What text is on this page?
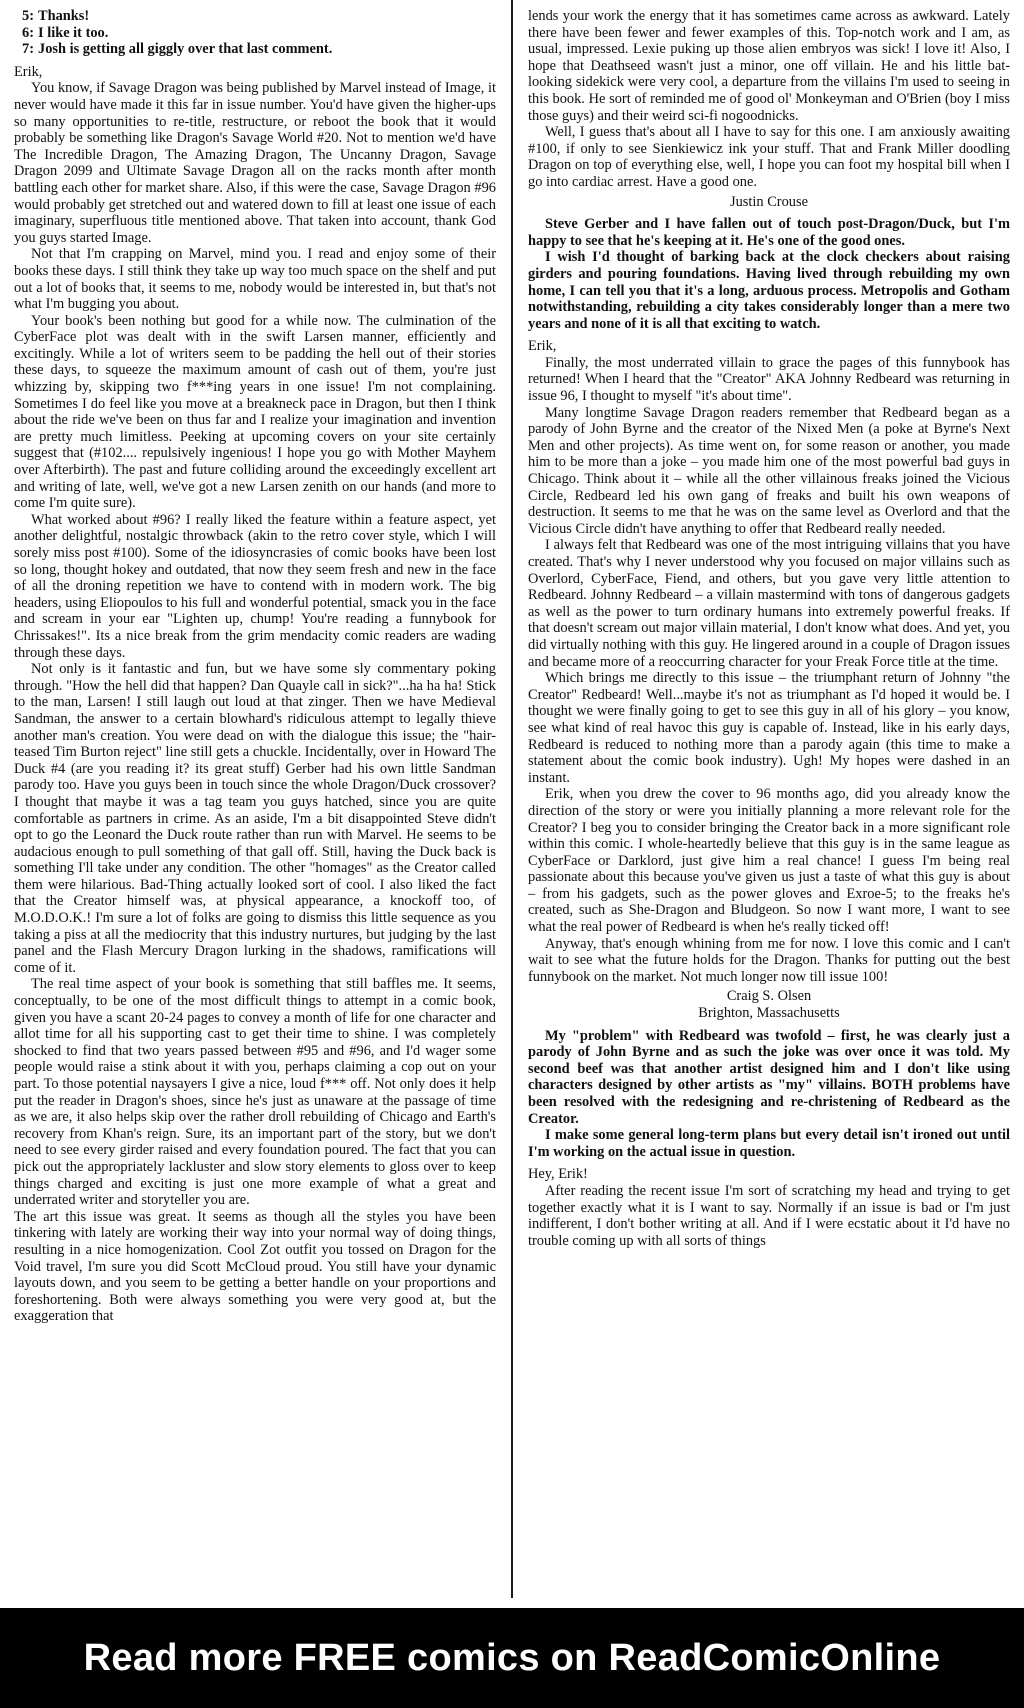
5: Thanks!

6: I like it too.

7: Josh is getting all giggly over that last comment.

Erik,

You know, if Savage Dragon was being published by Marvel instead of Image, it never would have made it this far in issue number. You'd have given the higher-ups so many opportunities to re-title, restructure, or reboot the book that it would probably be something like Dragon's Savage World #20. Not to mention we'd have The Incredible Dragon, The Amazing Dragon, The Uncanny Dragon, Savage Dragon 2099 and Ultimate Savage Dragon all on the racks month after month battling each other for market share. Also, if this were the case, Savage Dragon #96 would probably get stretched out and watered down to fill at least one issue of each imaginary, superfluous title mentioned above. That taken into account, thank God you guys started Image.

Not that I'm crapping on Marvel, mind you. I read and enjoy some of their books these days. I still think they take up way too much space on the shelf and put out a lot of books that, it seems to me, nobody would be interested in, but that's not what I'm bugging you about.

Your book's been nothing but good for a while now. The culmination of the CyberFace plot was dealt with in the swift Larsen manner, efficiently and excitingly. While a lot of writers seem to be padding the hell out of their stories these days, to squeeze the maximum amount of cash out of them, you're just whizzing by, skipping two f***ing years in one issue! I'm not complaining. Sometimes I do feel like you move at a breakneck pace in Dragon, but then I think about the ride we've been on thus far and I realize your imagination and invention are pretty much limitless. Peeking at upcoming covers on your site certainly suggest that (#102.... repulsively ingenious! I hope you go with Mother Mayhem over Afterbirth). The past and future colliding around the exceedingly excellent art and writing of late, well, we've got a new Larsen zenith on our hands (and more to come I'm quite sure).

What worked about #96? I really liked the feature within a feature aspect, yet another delightful, nostalgic throwback (akin to the retro cover style, which I will sorely miss post #100). Some of the idiosyncrasies of comic books have been lost so long, thought hokey and outdated, that now they seem fresh and new in the face of all the droning repetition we have to contend with in modern work. The big headers, using Eliopoulos to his full and wonderful potential, smack you in the face and scream in your ear "Lighten up, chump! You're reading a funnybook for Chrissakes!". Its a nice break from the grim mendacity comic readers are wading through these days.

Not only is it fantastic and fun, but we have some sly commentary poking through. "How the hell did that happen? Dan Quayle call in sick?"...ha ha ha! Stick to the man, Larsen! I still laugh out loud at that zinger. Then we have Medieval Sandman, the answer to a certain blowhard's ridiculous attempt to legally thieve another man's creation. You were dead on with the dialogue this issue; the "hair-teased Tim Burton reject" line still gets a chuckle. Incidentally, over in Howard The Duck #4 (are you reading it? its great stuff) Gerber had his own little Sandman parody too. Have you guys been in touch since the whole Dragon/Duck crossover? I thought that maybe it was a tag team you guys hatched, since you are quite comfortable as partners in crime. As an aside, I'm a bit disappointed Steve didn't opt to go the Leonard the Duck route rather than run with Marvel. He seems to be audacious enough to pull something of that gall off. Still, having the Duck back is something I'll take under any condition. The other "homages" as the Creator called them were hilarious. Bad-Thing actually looked sort of cool. I also liked the fact that the Creator himself was, at physical appearance, a knockoff too, of M.O.D.O.K.! I'm sure a lot of folks are going to dismiss this little sequence as you taking a piss at all the mediocrity that this industry nurtures, but judging by the last panel and the Flash Mercury Dragon lurking in the shadows, ramifications will come of it.

The real time aspect of your book is something that still baffles me. It seems, conceptually, to be one of the most difficult things to attempt in a comic book, given you have a scant 20-24 pages to convey a month of life for one character and allot time for all his supporting cast to get their time to shine. I was completely shocked to find that two years passed between #95 and #96, and I'd wager some people would raise a stink about it with you, perhaps claiming a cop out on your part. To those potential naysayers I give a nice, loud f*** off. Not only does it help put the reader in Dragon's shoes, since he's just as unaware at the passage of time as we are, it also helps skip over the rather droll rebuilding of Chicago and Earth's recovery from Khan's reign. Sure, its an important part of the story, but we don't need to see every girder raised and every foundation poured. The fact that you can pick out the appropriately lackluster and slow story elements to gloss over to keep things charged and exciting is just one more example of what a great and underrated writer and storyteller you are.

The art this issue was great. It seems as though all the styles you have been tinkering with lately are working their way into your normal way of doing things, resulting in a nice homogenization. Cool Zot outfit you tossed on Dragon for the Void travel, I'm sure you did Scott McCloud proud. You still have your dynamic layouts down, and you seem to be getting a better handle on your proportions and foreshortening. Both were always something you were very good at, but the exaggeration that

lends your work the energy that it has sometimes came across as awkward. Lately there have been fewer and fewer examples of this. Top-notch work and I am, as usual, impressed. Lexie puking up those alien embryos was sick! I love it! Also, I hope that Deathseed wasn't just a minor, one off villain. He and his little bat-looking sidekick were very cool, a departure from the villains I'm used to seeing in this book. He sort of reminded me of good ol' Monkeyman and O'Brien (boy I miss those guys) and their weird sci-fi nogoodnicks.

Well, I guess that's about all I have to say for this one. I am anxiously awaiting #100, if only to see Sienkiewicz ink your stuff. That and Frank Miller doodling Dragon on top of everything else, well, I hope you can foot my hospital bill when I go into cardiac arrest. Have a good one.

Justin Crouse

Steve Gerber and I have fallen out of touch post-Dragon/Duck, but I'm happy to see that he's keeping at it. He's one of the good ones.

I wish I'd thought of barking back at the clock checkers about raising girders and pouring foundations. Having lived through rebuilding my own home, I can tell you that it's a long, arduous process. Metropolis and Gotham notwithstanding, rebuilding a city takes considerably longer than a mere two years and none of it is all that exciting to watch.

Erik,

Finally, the most underrated villain to grace the pages of this funnybook has returned! When I heard that the "Creator" AKA Johnny Redbeard was returning in issue 96, I thought to myself "it's about time".

Many longtime Savage Dragon readers remember that Redbeard began as a parody of John Byrne and the creator of the Nixed Men (a poke at Byrne's Next Men and other projects). As time went on, for some reason or another, you made him to be more than a joke – you made him one of the most powerful bad guys in Chicago. Think about it – while all the other villainous freaks joined the Vicious Circle, Redbeard led his own gang of freaks and built his own weapons of destruction. It seems to me that he was on the same level as Overlord and that the Vicious Circle didn't have anything to offer that Redbeard really needed.

I always felt that Redbeard was one of the most intriguing villains that you have created. That's why I never understood why you focused on major villains such as Overlord, CyberFace, Fiend, and others, but you gave very little attention to Redbeard. Johnny Redbeard – a villain mastermind with tons of dangerous gadgets as well as the power to turn ordinary humans into extremely powerful freaks. If that doesn't scream out major villain material, I don't know what does. And yet, you did virtually nothing with this guy. He lingered around in a couple of Dragon issues and became more of a reoccurring character for your Freak Force title at the time.

Which brings me directly to this issue – the triumphant return of Johnny "the Creator" Redbeard! Well...maybe it's not as triumphant as I'd hoped it would be. I thought we were finally going to get to see this guy in all of his glory – you know, see what kind of real havoc this guy is capable of. Instead, like in his early days, Redbeard is reduced to nothing more than a parody again (this time to make a statement about the comic book industry). Ugh! My hopes were dashed in an instant.

Erik, when you drew the cover to 96 months ago, did you already know the direction of the story or were you initially planning a more relevant role for the Creator? I beg you to consider bringing the Creator back in a more significant role within this comic. I whole-heartedly believe that this guy is in the same league as CyberFace or Darklord, just give him a real chance! I guess I'm being real passionate about this because you've given us just a taste of what this guy is about – from his gadgets, such as the power gloves and Exroe-5; to the freaks he's created, such as She-Dragon and Bludgeon. So now I want more, I want to see what the real power of Redbeard is when he's really ticked off!

Anyway, that's enough whining from me for now. I love this comic and I can't wait to see what the future holds for the Dragon. Thanks for putting out the best funnybook on the market. Not much longer now till issue 100!

Craig S. Olsen

Brighton, Massachusetts

My "problem" with Redbeard was twofold – first, he was clearly just a parody of John Byrne and as such the joke was over once it was told. My second beef was that another artist designed him and I don't like using characters designed by other artists as "my" villains. BOTH problems have been resolved with the redesigning and re-christening of Redbeard as the Creator.

I make some general long-term plans but every detail isn't ironed out until I'm working on the actual issue in question.

Hey, Erik!

After reading the recent issue I'm sort of scratching my head and trying to get together exactly what it is I want to say. Normally if an issue is bad or I'm just indifferent, I don't bother writing at all. And if I were ecstatic about it I'd have no trouble coming up with all sorts of things

Read more FREE comics on ReadComicOnline
